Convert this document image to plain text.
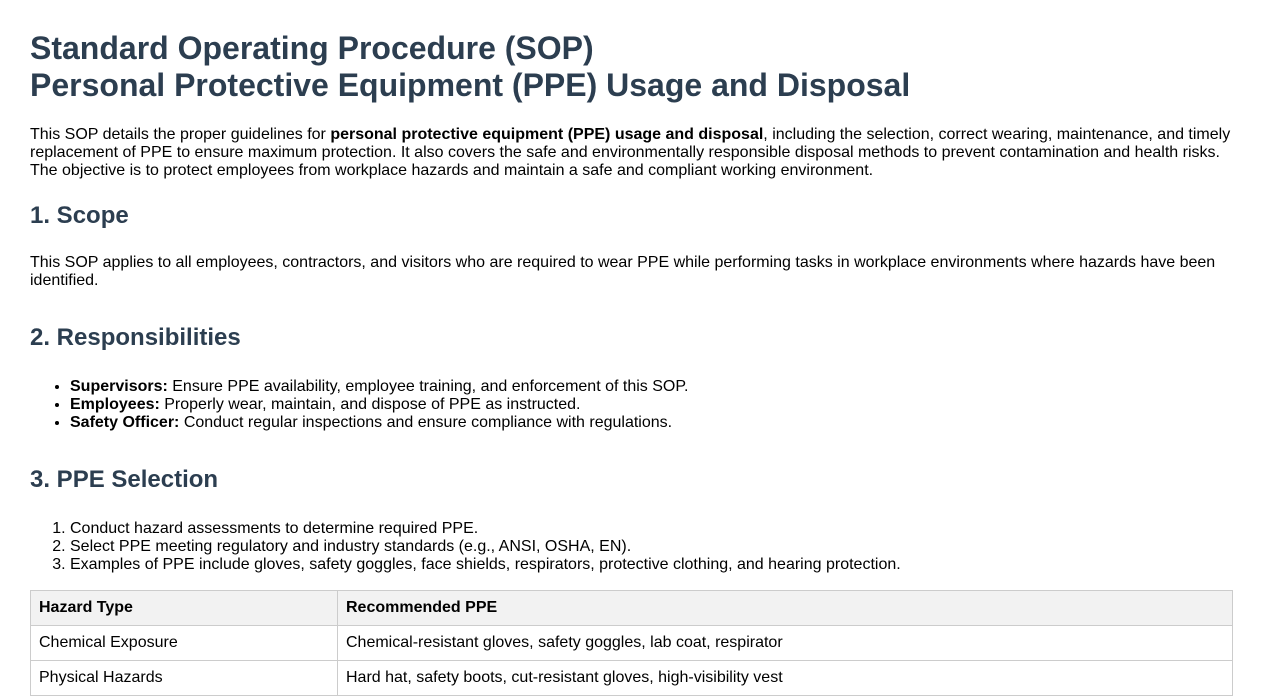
Standard Operating Procedure (SOP)
Personal Protective Equipment (PPE) Usage and Disposal

This SOP details the proper guidelines for personal protective equipment (PPE) usage and disposal, including the selection, correct wearing, maintenance, and timely replacement of PPE to ensure maximum protection. It also covers the safe and environmentally responsible disposal methods to prevent contamination and health risks. The objective is to protect employees from workplace hazards and maintain a safe and compliant working environment.

1. Scope

This SOP applies to all employees, contractors, and visitors who are required to wear PPE while performing tasks in workplace environments where hazards have been identified.

2. Responsibilities
• Supervisors: Ensure PPE availability, employee training, and enforcement of this SOP.
• Employees: Properly wear, maintain, and dispose of PPE as instructed.
• Safety Officer: Conduct regular inspections and ensure compliance with regulations.
3. PPE Selection
1. Conduct hazard assessments to determine required PPE.
2. Select PPE meeting regulatory and industry standards (e.g., ANSI, OSHA, EN).
3. Examples of PPE include gloves, safety goggles, face shields, respirators, protective clothing, and hearing protection.
Hazard Type	Recommended PPE
Chemical Exposure	Chemical-resistant gloves, safety goggles, lab coat, respirator
Physical Hazards	Hard hat, safety boots, cut-resistant gloves, high-visibility vest
